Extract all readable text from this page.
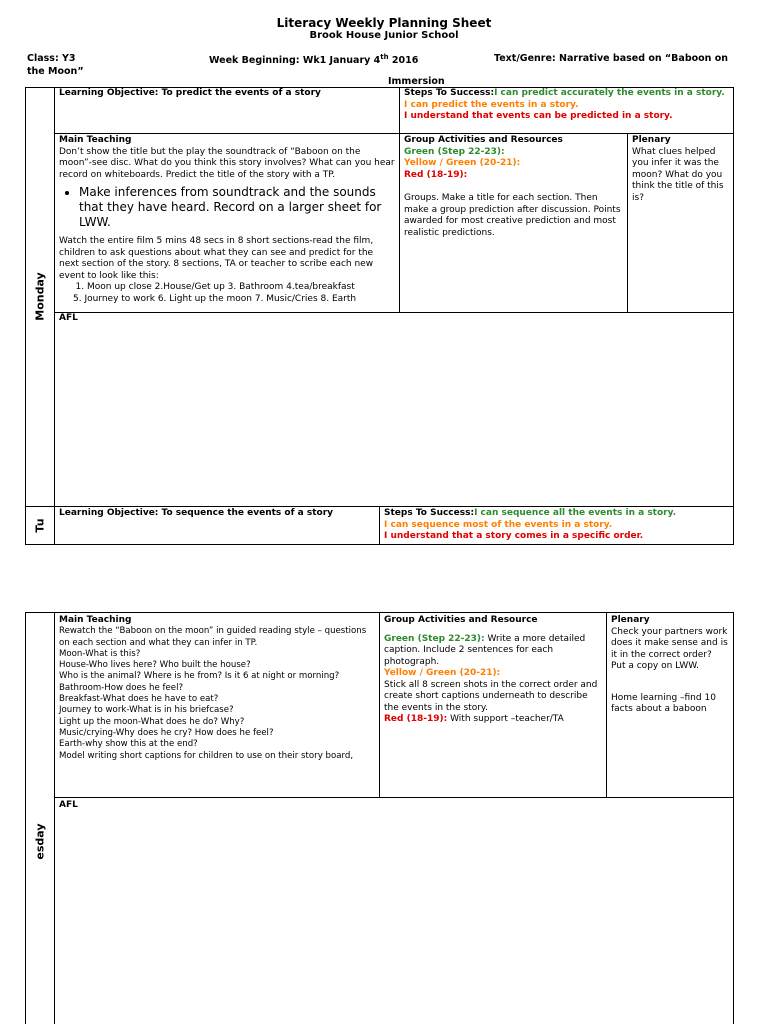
Literacy Weekly Planning Sheet
Brook House Junior School
Class: Y3	Week Beginning: Wk1 January 4th 2016	Text/Genre: Narrative based on “Baboon on
the Moon”
Immersion
Monday
Learning Objective: To predict the events of a story	Steps To Success:I can predict accurately the events in a story.
I can predict the events in a story.
I understand that events can be predicted in a story.

Main Teaching

Don’t show the title but the play the soundtrack of “Baboon on the moon”-see disc. What do you think this story involves? What can you hear record on whiteboards. Predict the title of the story with a TP.

• Make inferences from soundtrack and the sounds that they have heard. Record on a larger sheet for LWW.

Watch the entire film 5 mins 48 secs in 8 short sections-read the film, children to ask questions about what they can see and predict for the next section of the story. 8 sections, TA or teacher to scribe each new event to look like this:

1. Moon up close 2.House/Get up 3. Bathroom 4.tea/breakfast

5. Journey to work 6. Light up the moon 7. Music/Cries 8. Earth

Group Activities and Resources

Green (Step 22-23):

Yellow / Green (20-21):

Red (18-19):

Groups. Make a title for each section. Then make a group prediction after discussion. Points awarded for most creative prediction and most realistic predictions.

Plenary

What clues helped you infer it was the moon? What do you think the title of this is?

AFL
Tu
Learning Objective: To sequence the events of a story	Steps To Success:I can sequence all the events in a story.
I can sequence most of the events in a story.
I understand that a story comes in a specific order.
esday

Main Teaching

Rewatch the “Baboon on the moon” in guided reading style – questions on each section and what they can infer in TP.

Moon-What is this?

House-Who lives here? Who built the house?

Who is the animal? Where is he from? Is it 6 at night or morning?

Bathroom-How does he feel?

Breakfast-What does he have to eat?

Journey to work-What is in his briefcase?

Light up the moon-What does he do? Why?

Music/crying-Why does he cry? How does he feel?

Earth-why show this at the end?

Model writing short captions for children to use on their story board,

Group Activities and Resource

Green (Step 22-23): Write a more detailed caption. Include 2 sentences for each photograph.

Yellow / Green (20-21):

Stick all 8 screen shots in the correct order and create short captions underneath to describe the events in the story.

Red (18-19): With support –teacher/TA

Plenary

Check your partners work does it make sense and is it in the correct order?

Put a copy on LWW.

Home learning –find 10 facts about a baboon

AFL
